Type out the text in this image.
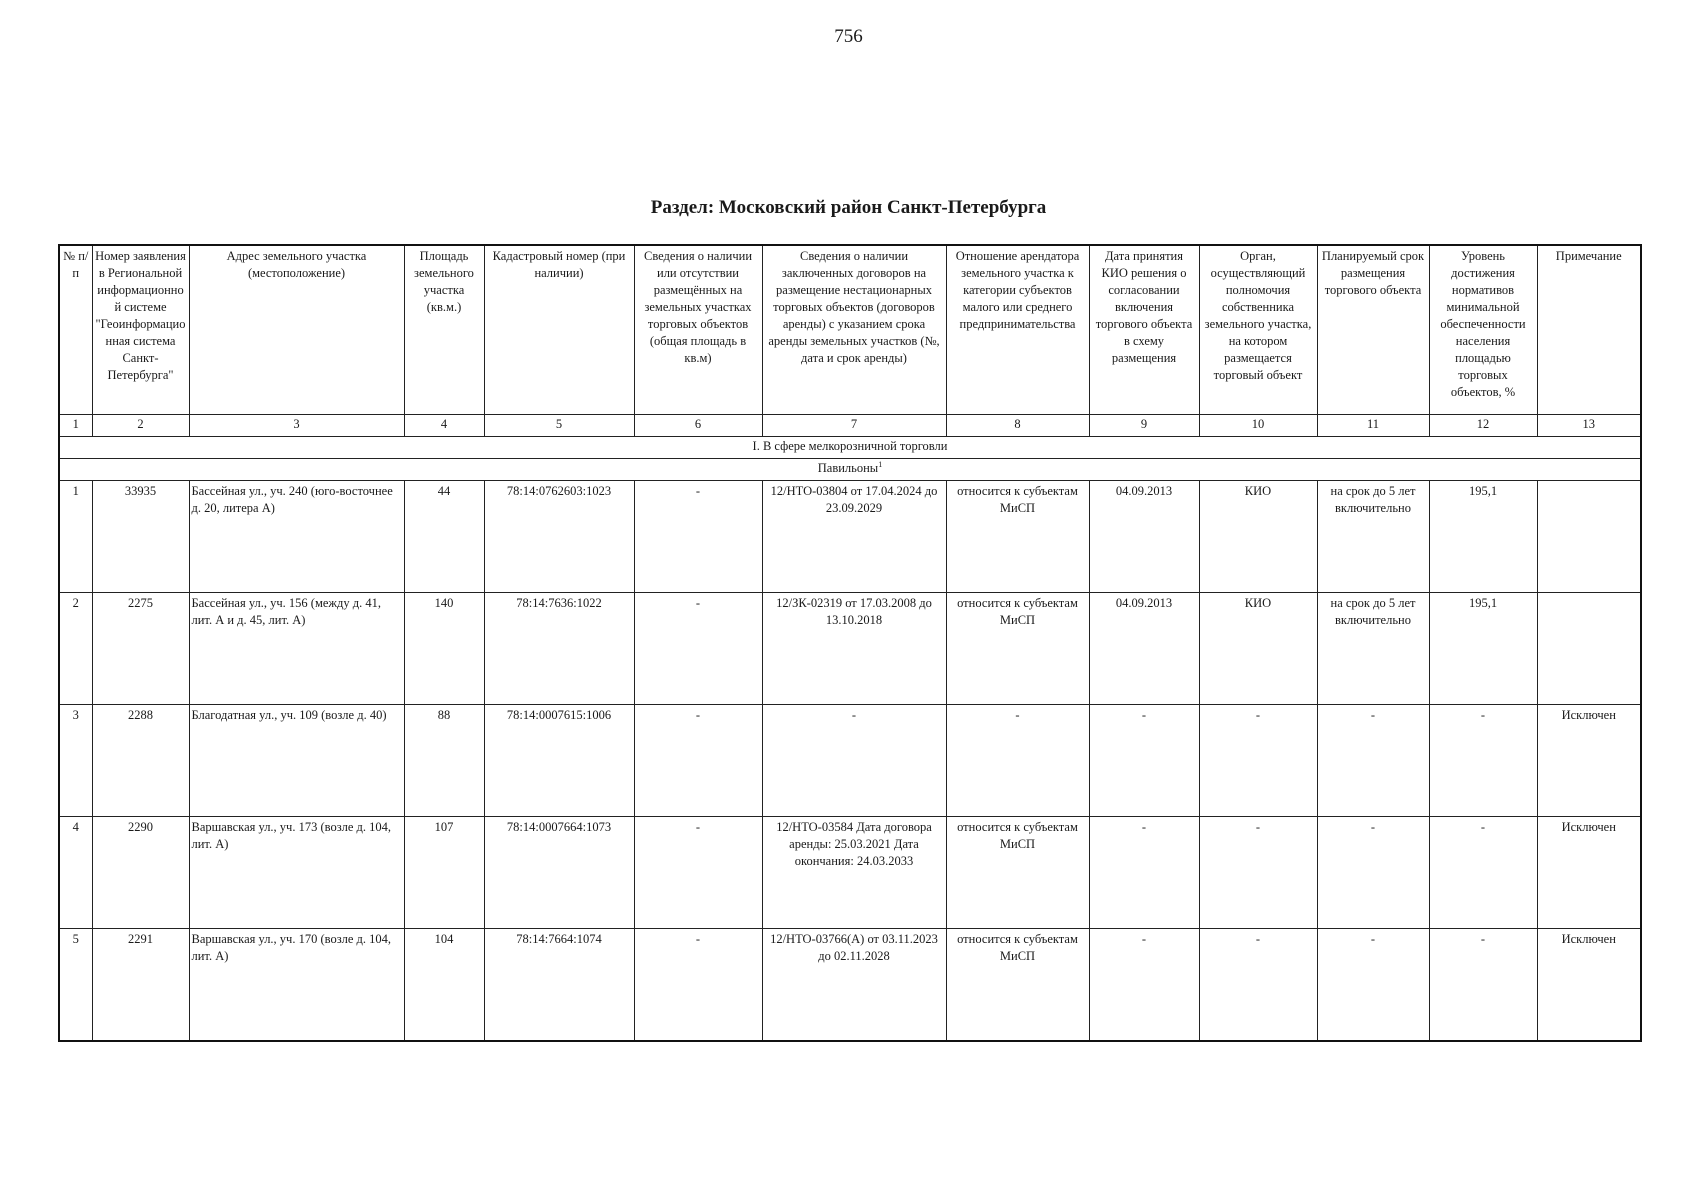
756
Раздел: Московский район Санкт-Петербурга
№ п/п	Номер заявления в Региональной информационной системе "Геоинформационная система Санкт-Петербурга"	Адрес земельного участка (местоположение)	Площадь земельного участка (кв.м.)	Кадастровый номер (при наличии)	Сведения о наличии или отсутствии размещённых на земельных участках торговых объектов (общая площадь в кв.м)	Сведения о наличии заключенных договоров на размещение нестационарных торговых объектов (договоров аренды) с указанием срока аренды земельных участков (№, дата и срок аренды)	Отношение арендатора земельного участка к категории субъектов малого или среднего предпринимательства	Дата принятия КИО решения о согласовании включения торгового объекта в схему размещения	Орган, осуществляющий полномочия собственника земельного участка, на котором размещается торговый объект	Планируемый срок размещения торгового объекта	Уровень достижения нормативов минимальной обеспеченности населения площадью торговых объектов, %	Примечание
1	2	3	4	5	6	7	8	9	10	11	12	13
I. В сфере мелкорозничной торговли												
Павильоны$^1$
1	33935	Бассейная ул., уч. 240 (юго-восточнее д. 20, литера А)	44	78:14:0762603:1023	-	12/НТО-03804 от 17.04.2024 до 23.09.2029	относится к субъектам МиСП	04.09.2013	КИО	на срок до 5 лет включительно	195,1	
2	2275	Бассейная ул., уч. 156 (между д. 41, лит. А и д. 45, лит. А)	140	78:14:7636:1022	-	12/ЗК-02319 от 17.03.2008 до 13.10.2018	относится к субъектам МиСП	04.09.2013	КИО	на срок до 5 лет включительно	195,1	
3	2288	Благодатная ул., уч. 109 (возле д. 40)	88	78:14:0007615:1006	-	-	-	-	-	-	-	Исключен
4	2290	Варшавская ул., уч. 173 (возле д. 104, лит. А)	107	78:14:0007664:1073	-	12/НТО-03584 Дата договора аренды: 25.03.2021 Дата окончания: 24.03.2033	относится к субъектам МиСП	-	-	-	-	Исключен
5	2291	Варшавская ул., уч. 170 (возле д. 104, лит. А)	104	78:14:7664:1074	-	12/НТО-03766(А) от 03.11.2023 до 02.11.2028	относится к субъектам МиСП	-	-	-	-	Исключен
